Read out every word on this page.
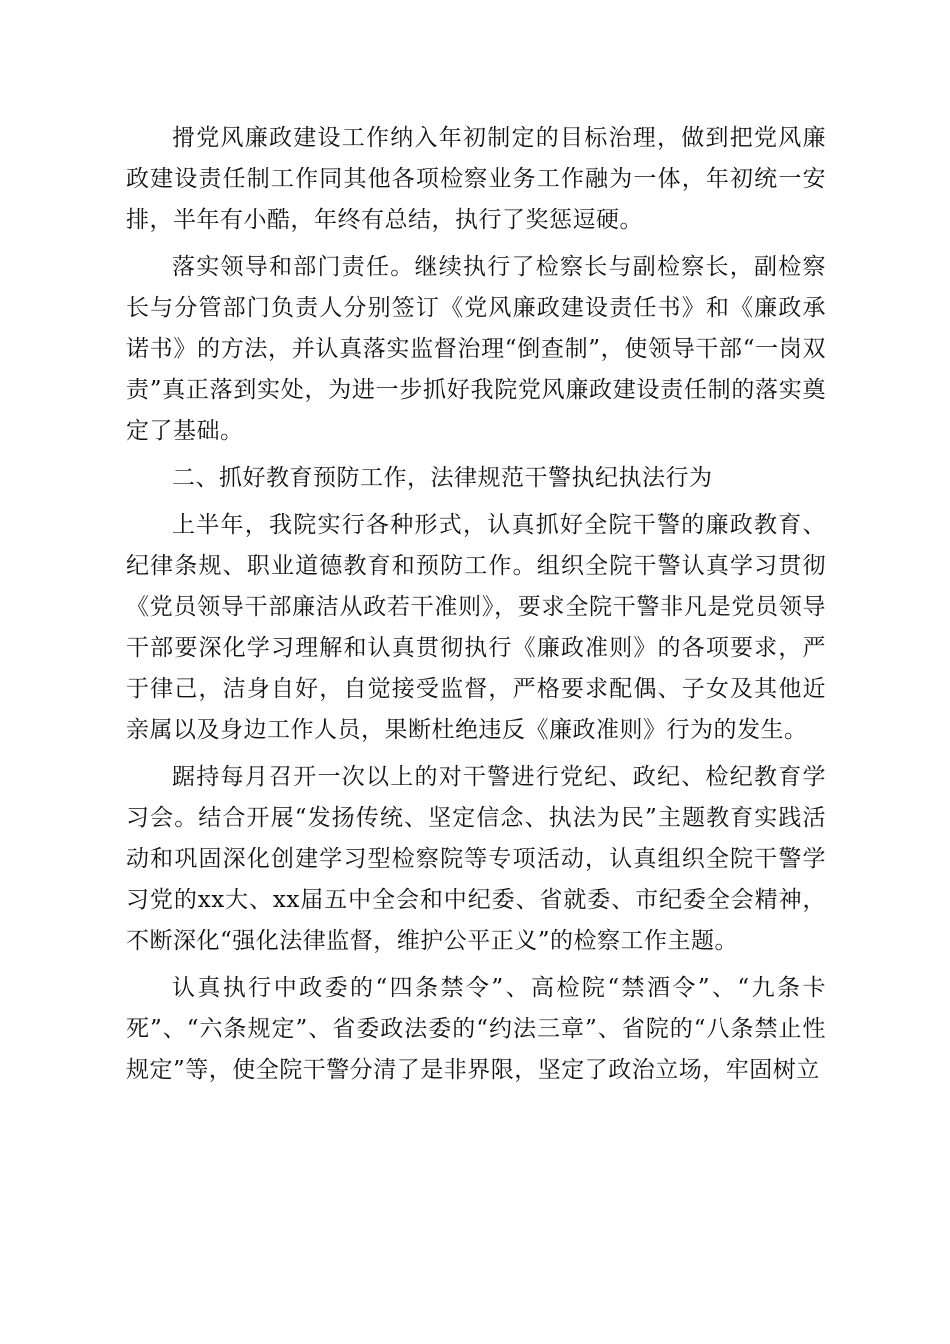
搰党风廉政建设工作纳入年初制定的目标治理，做到把党风廉政建设责任制工作同其他各项检察业务工作融为一体，年初统一安排，半年有小酷，年终有总结，执行了奖惩逗硬。

落实领导和部门责任。继续执行了检察长与副检察长，副检察长与分管部门负责人分别签订《党风廉政建设责任书》和《廉政承诺书》的方法，并认真落实监督治理“倒查制”，使领导干部“一岗双责”真正落到实处，为进一步抓好我院党风廉政建设责任制的落实奠定了基础。

二、抓好教育预防工作，法律规范干警执纪执法行为

上半年，我院实行各种形式，认真抓好全院干警的廉政教育、纪律条规、职业道德教育和预防工作。组织全院干警认真学习贯彻《党员领导干部廉洁从政若干准则》，要求全院干警非凡是党员领导干部要深化学习理解和认真贯彻执行《廉政准则》的各项要求，严于律己，洁身自好，自觉接受监督，严格要求配偶、子女及其他近亲属以及身边工作人员，果断杜绝违反《廉政准则》行为的发生。

踞持每月召开一次以上的对干警进行党纪、政纪、检纪教育学习会。结合开展“发扬传统、坚定信念、执法为民”主题教育实践活动和巩固深化创建学习型检察院等专项活动，认真组织全院干警学习党的xx大、xx届五中全会和中纪委、省就委、市纪委全会精神，不断深化“强化法律监督，维护公平正义”的检察工作主题。

认真执行中政委的“四条禁令”、高检院“禁酒令”、“九条卡死”、“六条规定”、省委政法委的“约法三章”、省院的“八条禁止性规定”等，使全院干警分清了是非界限，坚定了政治立场，牢固树立
